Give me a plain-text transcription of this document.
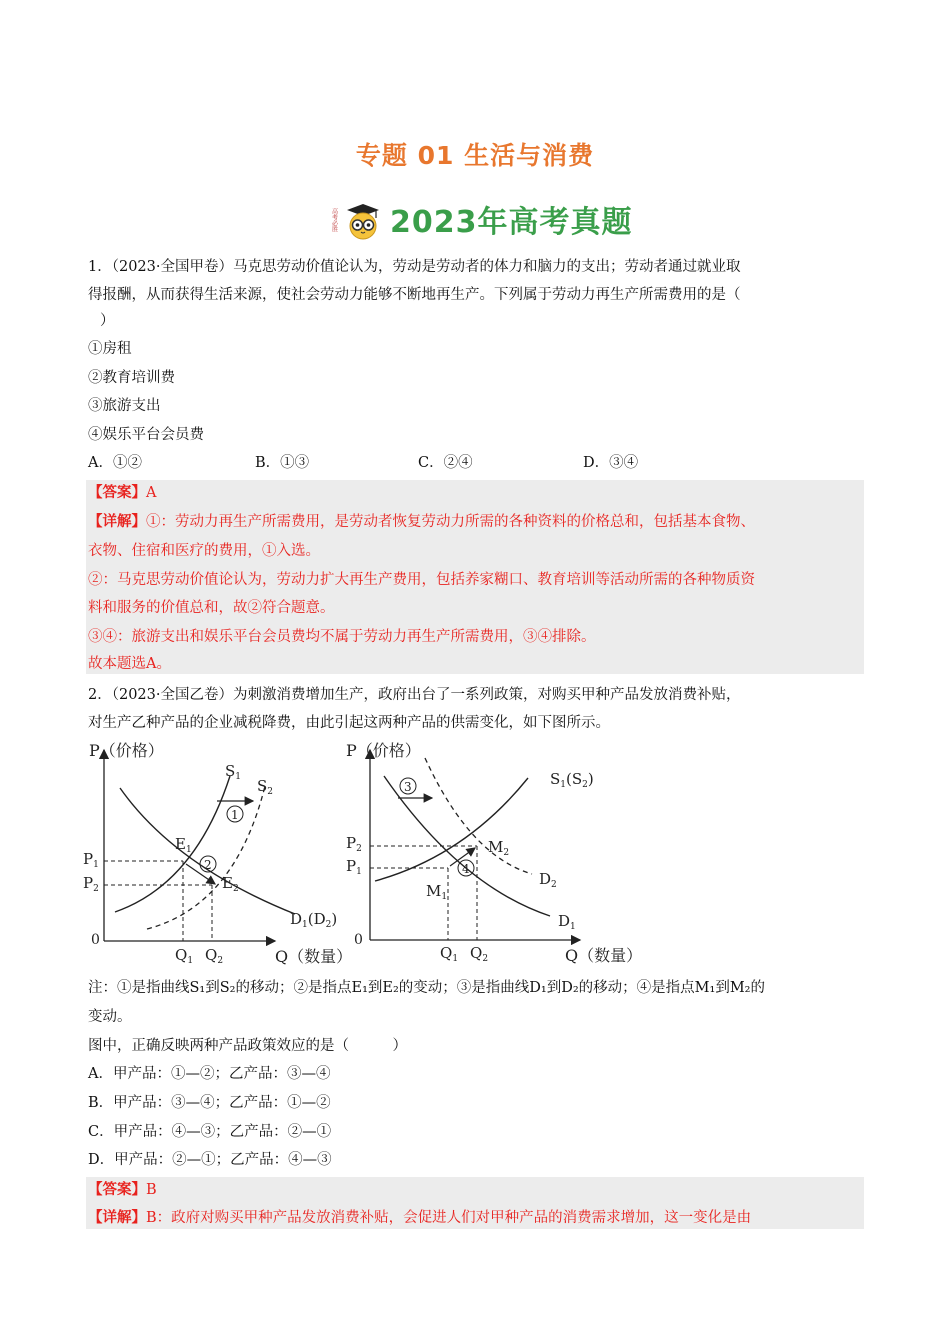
专题 01 生活与消费
高考必胜 2023年高考真题
1．（2023·全国甲卷）马克思劳动价值论认为，劳动是劳动者的体力和脑力的支出；劳动者通过就业取
得报酬，从而获得生活来源，使社会劳动力能够不断地再生产。下列属于劳动力再生产所需费用的是（
）
①房租
②教育培训费
③旅游支出
④娱乐平台会员费
A．①②	B．①③	C．②④	D．③④
【答案】A
【详解】①：劳动力再生产所需费用，是劳动者恢复劳动力所需的各种资料的价格总和，包括基本食物、
衣物、住宿和医疗的费用，①入选。
②：马克思劳动价值论认为，劳动力扩大再生产费用，包括养家糊口、教育培训等活动所需的各种物质资
料和服务的价值总和，故②符合题意。
③④：旅游支出和娱乐平台会员费均不属于劳动力再生产所需费用，③④排除。
故本题选A。
2．（2023·全国乙卷）为刺激消费增加生产，政府出台了一系列政策，对购买甲种产品发放消费补贴，
对生产乙种产品的企业减税降费，由此引起这两种产品的供需变化，如下图所示。
P（价格）
Q（数量）
0
1
2
$S_1$ $S_2$
$E_1$
$E_2$
$P_1$
$P_2$
$Q_1$ $Q_2$
$D_1(D_2)$
P（价格）
Q（数量）
0
3
4
$S_1(S_2)$
$D_2$
$D_1$
$M_2$
$M_1$
$P_2$
$P_1$
$Q_1$ $Q_2$
注：①是指曲线S₁到S₂的移动；②是指点E₁到E₂的变动；③是指曲线D₁到D₂的移动；④是指点M₁到M₂的
变动。
图中，正确反映两种产品政策效应的是（　　　）
A．甲产品：①—②；乙产品：③—④
B．甲产品：③—④；乙产品：①—②
C．甲产品：④—③；乙产品：②—①
D．甲产品：②—①；乙产品：④—③
【答案】B
【详解】B：政府对购买甲种产品发放消费补贴，会促进人们对甲种产品的消费需求增加，这一变化是由
